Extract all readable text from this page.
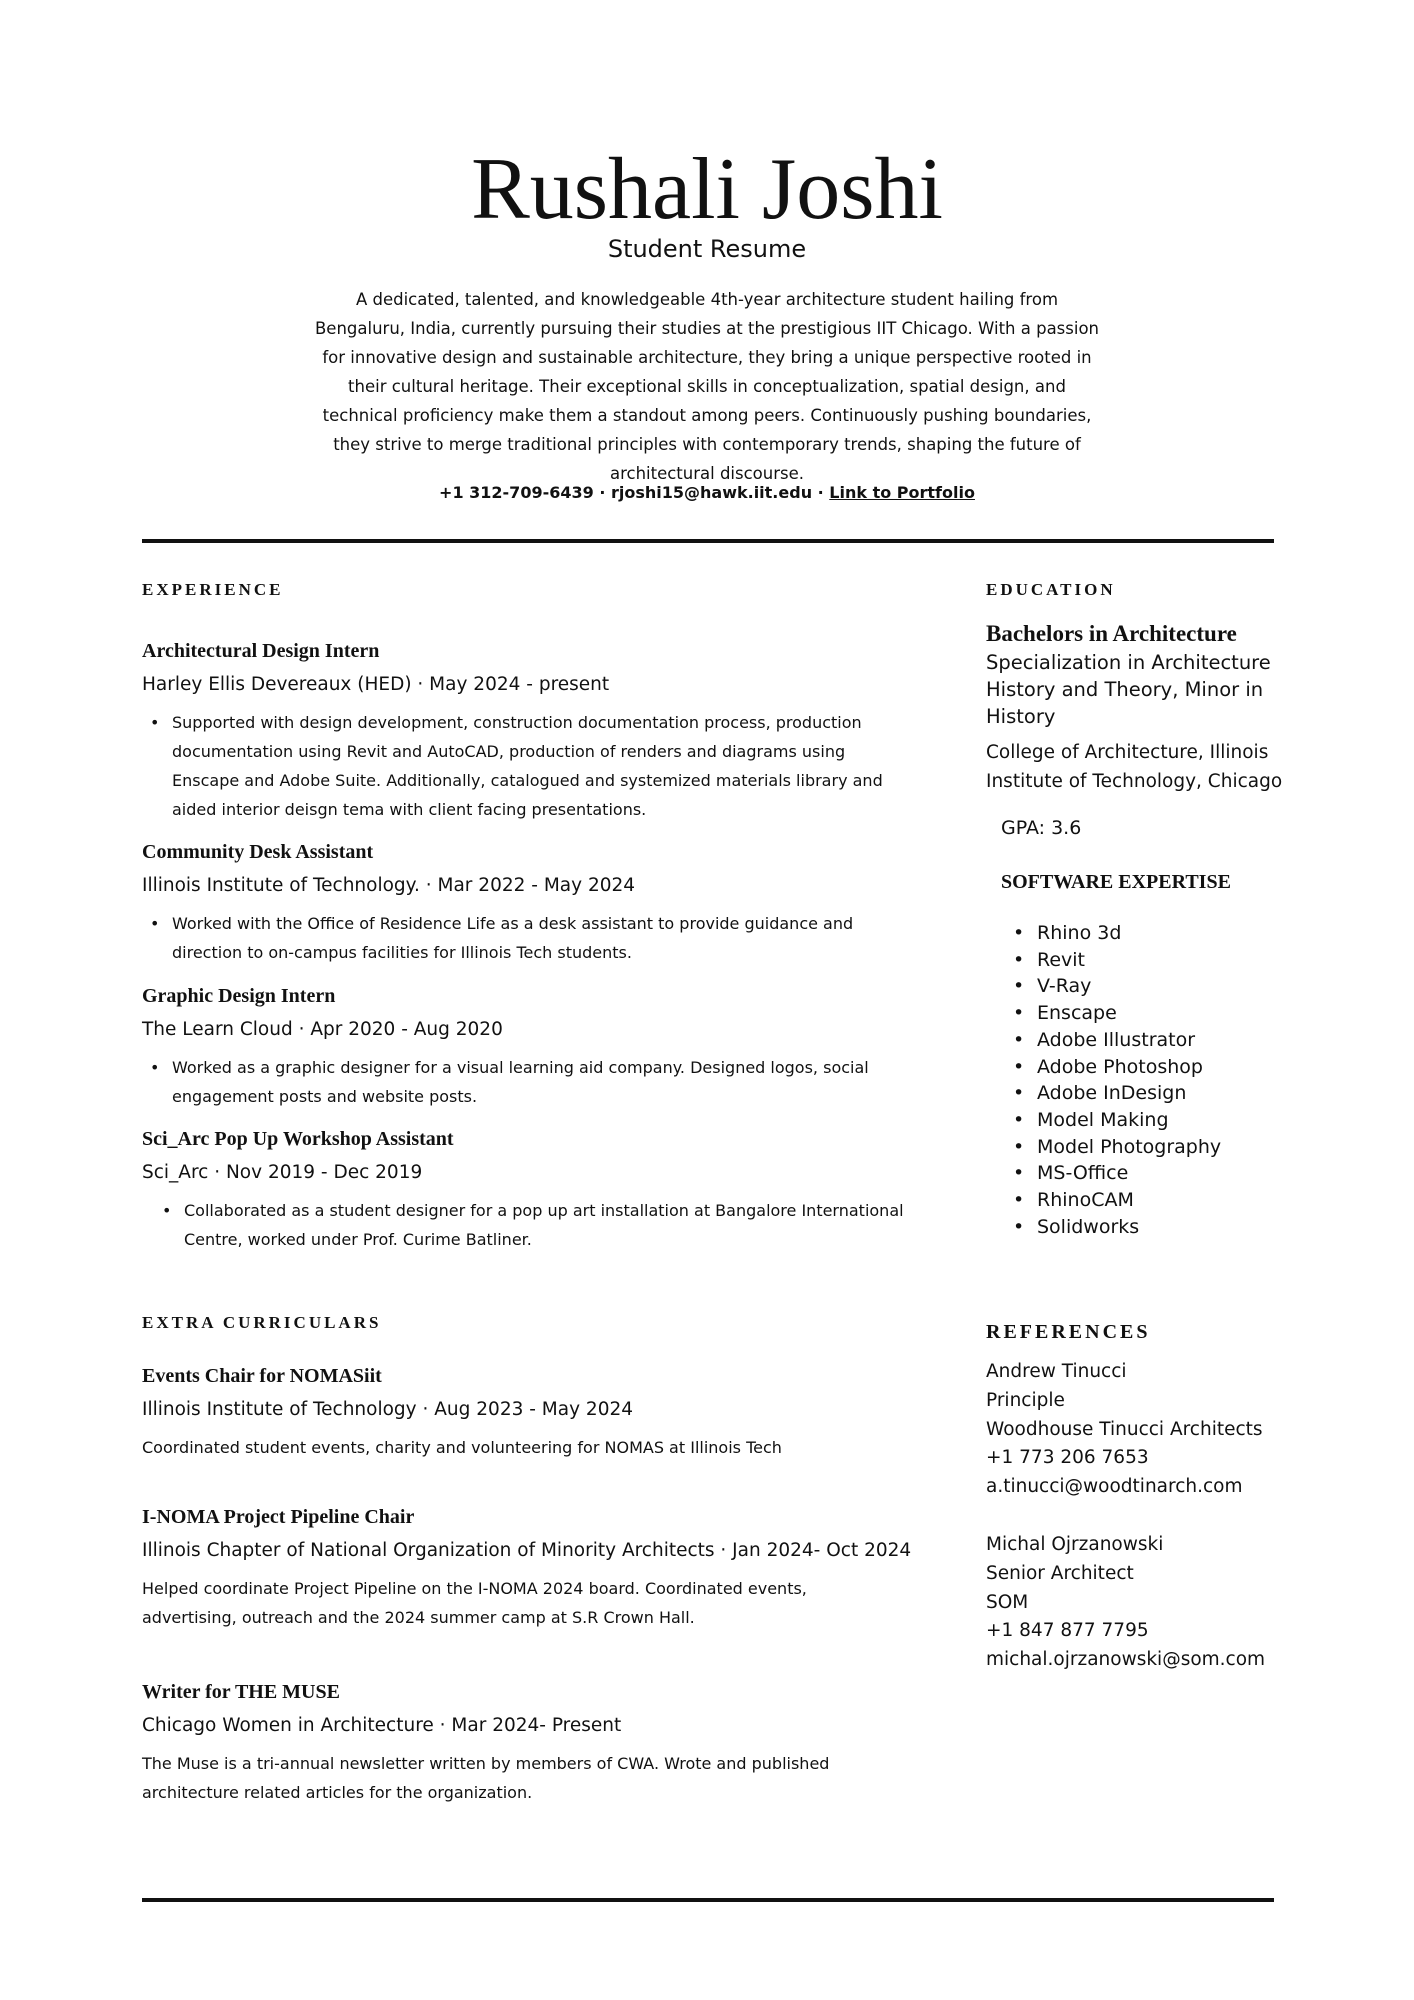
Rushali Joshi
Student Resume
A dedicated, talented, and knowledgeable 4th-year architecture student hailing from Bengaluru, India, currently pursuing their studies at the prestigious IIT Chicago. With a passion for innovative design and sustainable architecture, they bring a unique perspective rooted in their cultural heritage. Their exceptional skills in conceptualization, spatial design, and technical proficiency make them a standout among peers. Continuously pushing boundaries, they strive to merge traditional principles with contemporary trends, shaping the future of architectural discourse.
+1 312-709-6439 · rjoshi15@hawk.iit.edu · Link to Portfolio
EXPERIENCE
Architectural Design Intern
Harley Ellis Devereaux (HED) · May 2024 - present
• Supported with design development, construction documentation process, production documentation using Revit and AutoCAD, production of renders and diagrams using Enscape and Adobe Suite. Additionally, catalogued and systemized materials library and aided interior deisgn tema with client facing presentations.
Community Desk Assistant
Illinois Institute of Technology. · Mar 2022 - May 2024
• Worked with the Office of Residence Life as a desk assistant to provide guidance and direction to on-campus facilities for Illinois Tech students.
Graphic Design Intern
The Learn Cloud · Apr 2020 - Aug 2020
• Worked as a graphic designer for a visual learning aid company. Designed logos, social engagement posts and website posts.
Sci_Arc Pop Up Workshop Assistant
Sci_Arc · Nov 2019 - Dec 2019
• Collaborated as a student designer for a pop up art installation at Bangalore International Centre, worked under Prof. Curime Batliner.
EXTRA CURRICULARS
Events Chair for NOMASiit
Illinois Institute of Technology · Aug 2023 - May 2024
Coordinated student events, charity and volunteering for NOMAS at Illinois Tech
I-NOMA Project Pipeline Chair
Illinois Chapter of National Organization of Minority Architects · Jan 2024- Oct 2024
Helped coordinate Project Pipeline on the I-NOMA 2024 board. Coordinated events, advertising, outreach and the 2024 summer camp at S.R Crown Hall.
Writer for THE MUSE
Chicago Women in Architecture · Mar 2024- Present
The Muse is a tri-annual newsletter written by members of CWA. Wrote and published architecture related articles for the organization.
EDUCATION
Bachelors in Architecture
Specialization in Architecture History and Theory, Minor in History
College of Architecture, Illinois Institute of Technology, Chicago
GPA: 3.6
SOFTWARE EXPERTISE
• Rhino 3d
• Revit
• V-Ray
• Enscape
• Adobe Illustrator
• Adobe Photoshop
• Adobe InDesign
• Model Making
• Model Photography
• MS-Office
• RhinoCAM
• Solidworks
REFERENCES
Andrew Tinucci
Principle
Woodhouse Tinucci Architects
+1 773 206 7653
a.tinucci@woodtinarch.com
Michal Ojrzanowski
Senior Architect
SOM
+1 847 877 7795
michal.ojrzanowski@som.com
